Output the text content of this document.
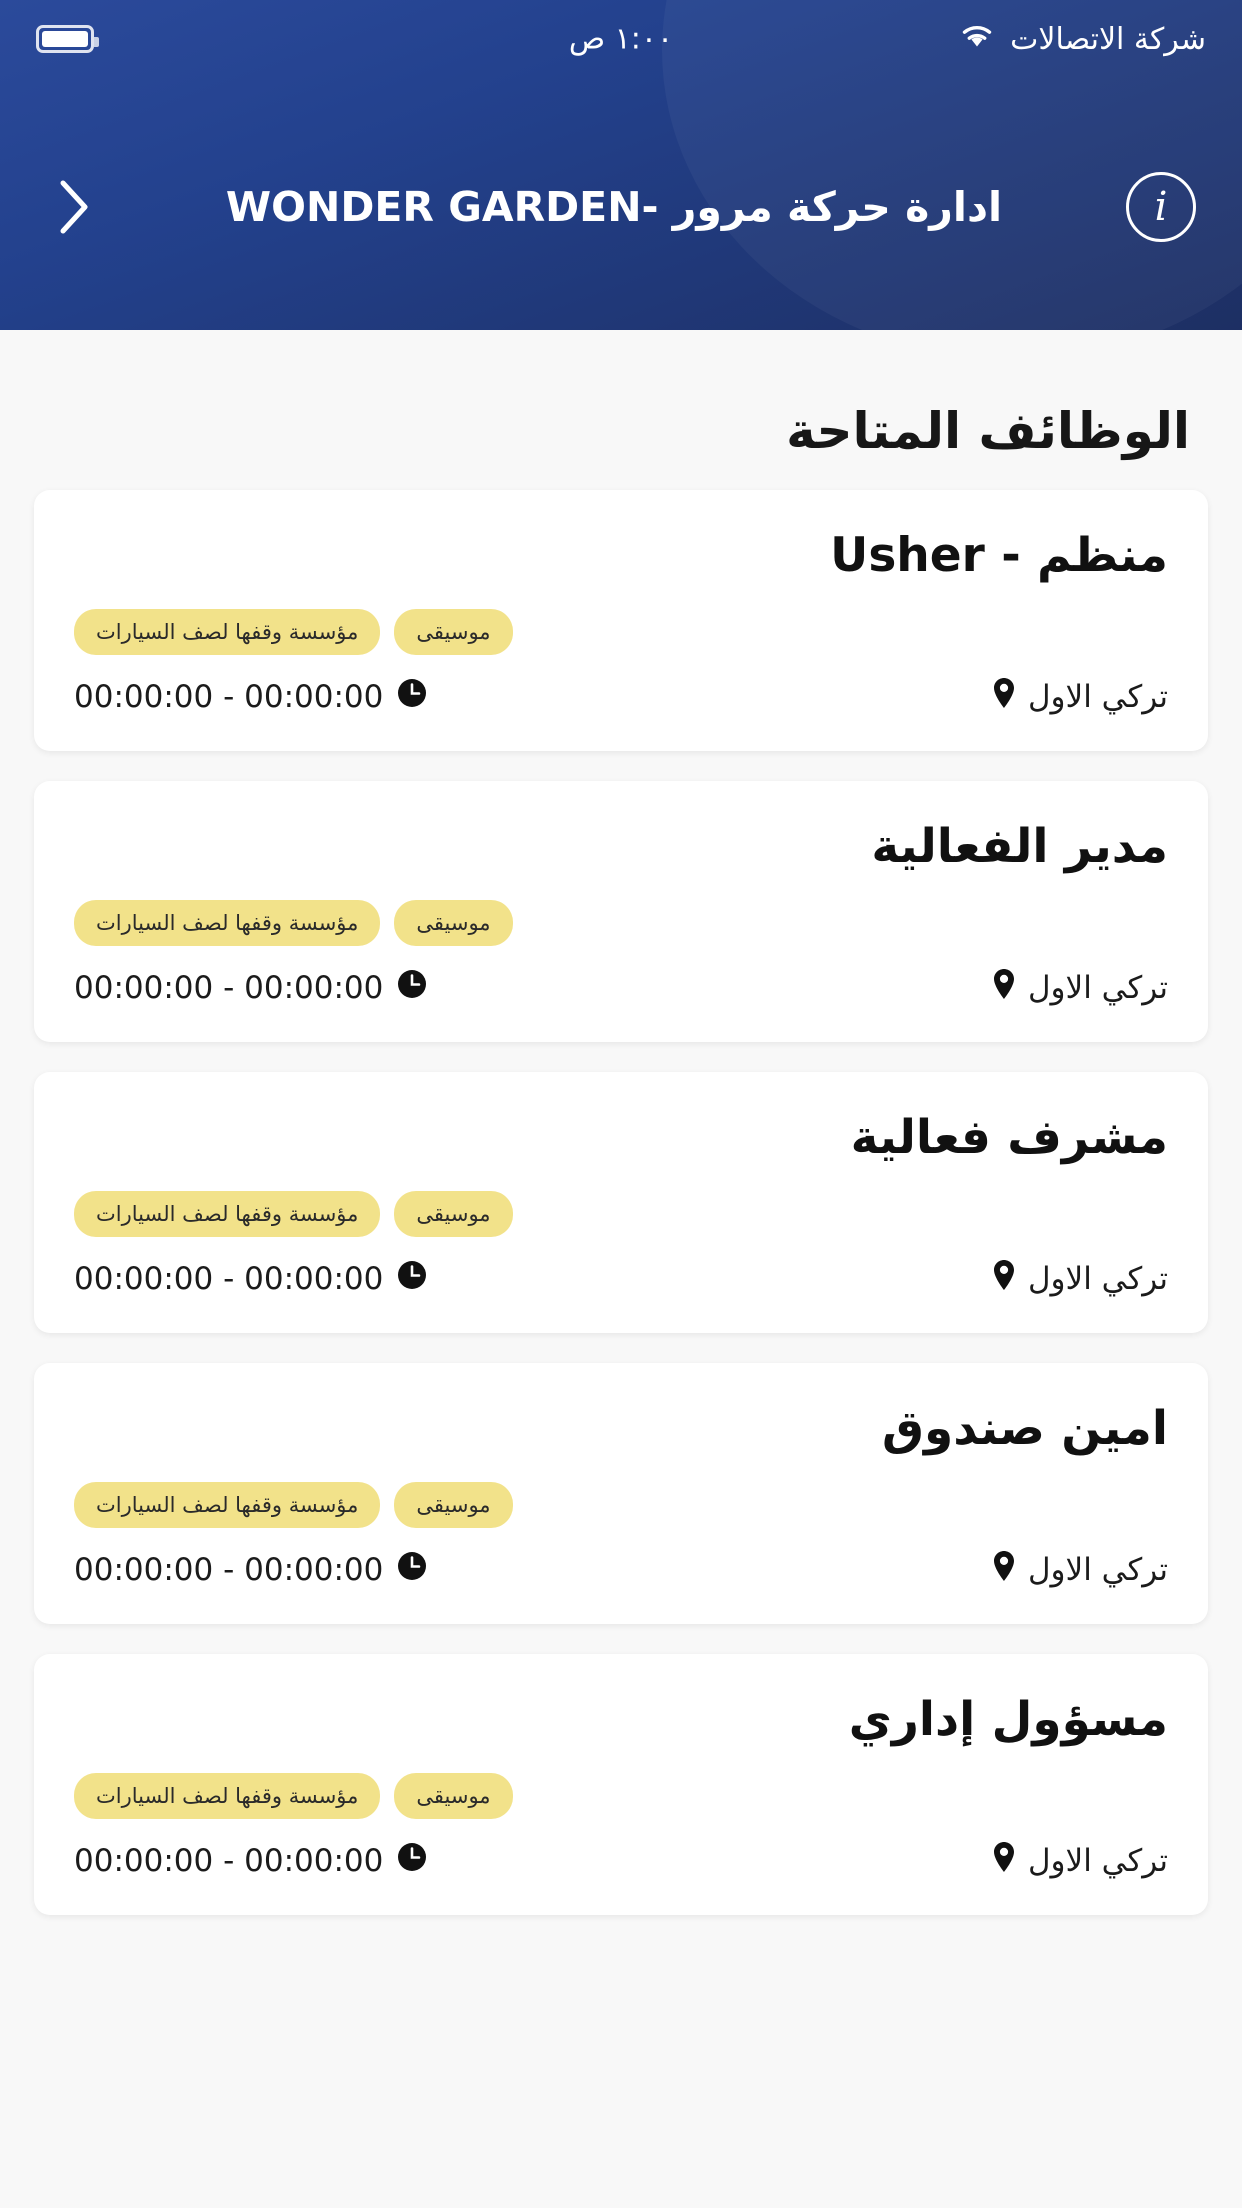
شركة الاتصالات
١:٠٠ ص
i
ادارة حركة مرور -WONDER GARDEN
الوظائف المتاحة
منظم - Usher
مؤسسة وقفها لصف السيارات	موسيقى
تركي الاول
00:00:00 - 00:00:00
مدير الفعالية
مؤسسة وقفها لصف السيارات	موسيقى
تركي الاول
00:00:00 - 00:00:00
مشرف فعالية
مؤسسة وقفها لصف السيارات	موسيقى
تركي الاول
00:00:00 - 00:00:00
امين صندوق
مؤسسة وقفها لصف السيارات	موسيقى
تركي الاول
00:00:00 - 00:00:00
مسؤول إداري
مؤسسة وقفها لصف السيارات	موسيقى
تركي الاول
00:00:00 - 00:00:00
